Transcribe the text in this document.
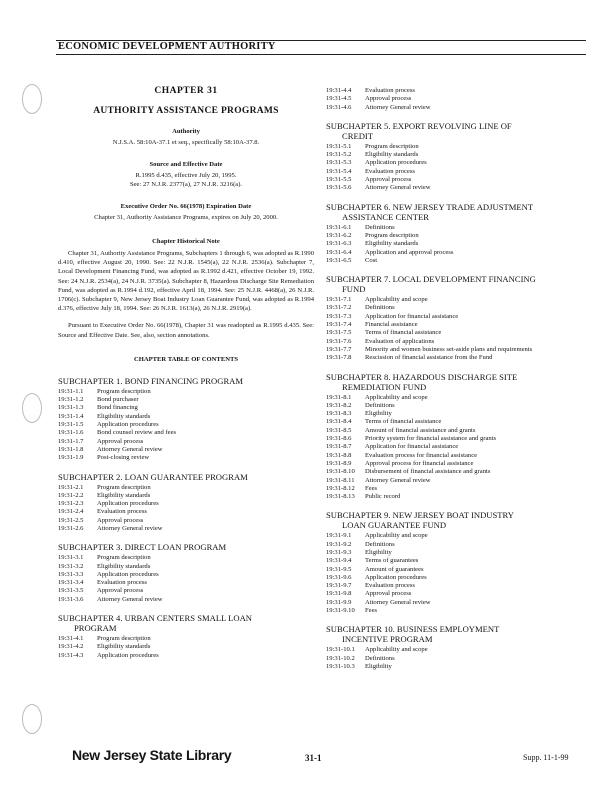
ECONOMIC DEVELOPMENT AUTHORITY
CHAPTER 31
AUTHORITY ASSISTANCE PROGRAMS
Authority
N.J.S.A. 58:10A-37.1 et seq., specifically 58:10A-37.8.
Source and Effective Date
R.1995 d.435, effective July 20, 1995.
See: 27 N.J.R. 2377(a), 27 N.J.R. 3216(a).
Executive Order No. 66(1978) Expiration Date
Chapter 31, Authority Assistance Programs, expires on July 20, 2000.
Chapter Historical Note
Chapter 31, Authority Assistance Programs, Subchapters 1 through 6, was adopted as R.1990 d.410, effective August 20, 1990. See: 22 N.J.R. 1545(a), 22 N.J.R. 2536(a). Subchapter 7, Local Development Financing Fund, was adopted as R.1992 d.421, effective October 19, 1992. See: 24 N.J.R. 2534(a), 24 N.J.R. 3735(a). Subchapter 8, Hazardous Discharge Site Remediation Fund, was adopted as R.1994 d.192, effective April 18, 1994. See: 25 N.J.R. 4468(a), 26 N.J.R. 1706(c). Subchapter 9, New Jersey Boat Industry Loan Guarantee Fund, was adopted as R.1994 d.376, effective July 18, 1994. See: 26 N.J.R. 1613(a), 26 N.J.R. 2919(a).
Pursuant to Executive Order No. 66(1978), Chapter 31 was readopted as R.1995 d.435. See: Source and Effective Date. See, also, section annotations.
CHAPTER TABLE OF CONTENTS
SUBCHAPTER 1. BOND FINANCING PROGRAM
19:31-1.1	Program description
19:31-1.2	Bond purchaser
19:31-1.3	Bond financing
19:31-1.4	Eligibility standards
19:31-1.5	Application procedures
19:31-1.6	Bond counsel review and fees
19:31-1.7	Approval process
19:31-1.8	Attorney General review
19:31-1.9	Post-closing review
SUBCHAPTER 2. LOAN GUARANTEE PROGRAM
19:31-2.1	Program description
19:31-2.2	Eligibility standards
19:31-2.3	Application procedures
19:31-2.4	Evaluation process
19:31-2.5	Approval process
19:31-2.6	Attorney General review
SUBCHAPTER 3. DIRECT LOAN PROGRAM
19:31-3.1	Program description
19:31-3.2	Eligibility standards
19:31-3.3	Application procedures
19:31-3.4	Evaluation process
19:31-3.5	Approval process
19:31-3.6	Attorney General review
SUBCHAPTER 4. URBAN CENTERS SMALL LOAN
PROGRAM
19:31-4.1	Program description
19:31-4.2	Eligibility standards
19:31-4.3	Application procedures
19:31-4.4	Evaluation process
19:31-4.5	Approval process
19:31-4.6	Attorney General review
SUBCHAPTER 5. EXPORT REVOLVING LINE OF
CREDIT
19:31-5.1	Program description
19:31-5.2	Eligibility standards
19:31-5.3	Application procedures
19:31-5.4	Evaluation process
19:31-5.5	Approval process
19:31-5.6	Attorney General review
SUBCHAPTER 6. NEW JERSEY TRADE ADJUSTMENT
ASSISTANCE CENTER
19:31-6.1	Definitions
19:31-6.2	Program description
19:31-6.3	Eligibility standards
19:31-6.4	Application and approval process
19:31-6.5	Cost
SUBCHAPTER 7. LOCAL DEVELOPMENT FINANCING
FUND
19:31-7.1	Applicability and scope
19:31-7.2	Definitions
19:31-7.3	Application for financial assistance
19:31-7.4	Financial assistance
19:31-7.5	Terms of financial assistance
19:31-7.6	Evaluation of applications
19:31-7.7	Minority and women business set-aside plans and requirements
19:31-7.8	Rescission of financial assistance from the Fund
SUBCHAPTER 8. HAZARDOUS DISCHARGE SITE
REMEDIATION FUND
19:31-8.1	Applicability and scope
19:31-8.2	Definitions
19:31-8.3	Eligibility
19:31-8.4	Terms of financial assistance
19:31-8.5	Amount of financial assistance and grants
19:31-8.6	Priority system for financial assistance and grants
19:31-8.7	Application for financial assistance
19:31-8.8	Evaluation process for financial assistance
19:31-8.9	Approval process for financial assistance
19:31-8.10	Disbursement of financial assistance and grants
19:31-8.11	Attorney General review
19:31-8.12	Fees
19:31-8.13	Public record
SUBCHAPTER 9. NEW JERSEY BOAT INDUSTRY
LOAN GUARANTEE FUND
19:31-9.1	Applicability and scope
19:31-9.2	Definitions
19:31-9.3	Eligibility
19:31-9.4	Terms of guarantees
19:31-9.5	Amount of guarantees
19:31-9.6	Application procedures
19:31-9.7	Evaluation process
19:31-9.8	Approval process
19:31-9.9	Attorney General review
19:31-9.10	Fees
SUBCHAPTER 10. BUSINESS EMPLOYMENT
INCENTIVE PROGRAM
19:31-10.1	Applicability and scope
19:31-10.2	Definitions
19:31-10.3	Eligibility
New Jersey State Library	31-1	Supp. 11-1-99
